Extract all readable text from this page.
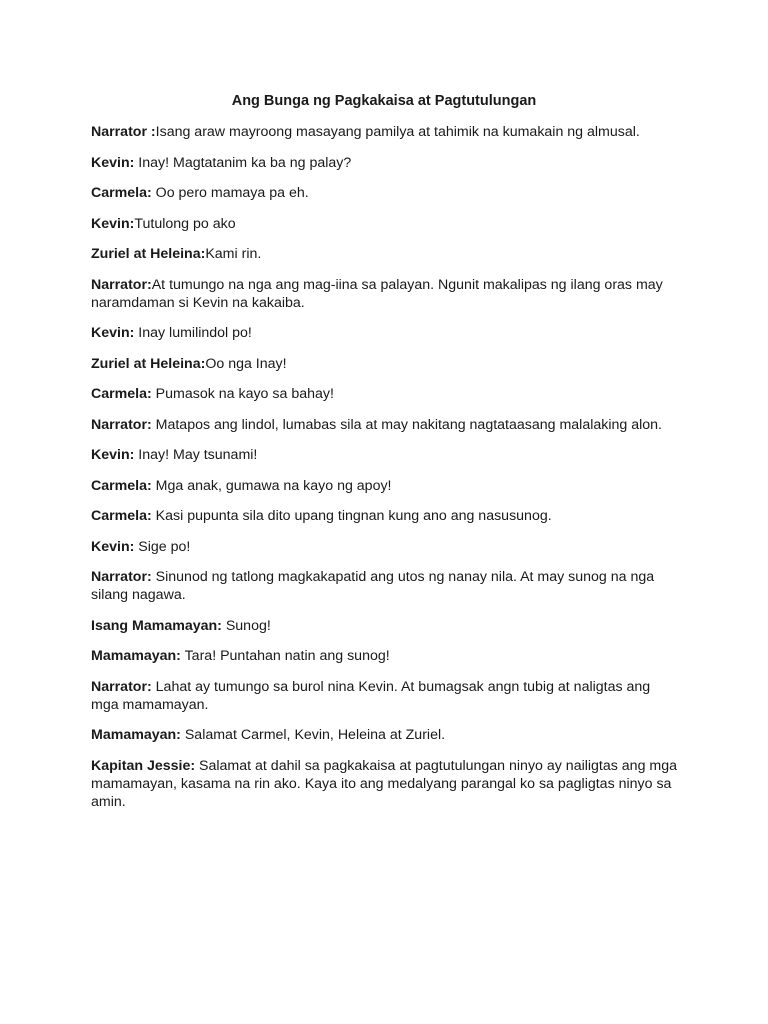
Ang Bunga ng Pagkakaisa at Pagtutulungan

Narrator :Isang araw mayroong masayang pamilya at tahimik na kumakain ng almusal.

Kevin: Inay! Magtatanim ka ba ng palay?

Carmela: Oo pero mamaya pa eh.

Kevin:Tutulong po ako

Zuriel at Heleina:Kami rin.

Narrator:At tumungo na nga ang mag-iina sa palayan. Ngunit makalipas ng ilang oras may naramdaman si Kevin na kakaiba.

Kevin: Inay lumilindol po!

Zuriel at Heleina:Oo nga Inay!

Carmela: Pumasok na kayo sa bahay!

Narrator: Matapos ang lindol, lumabas sila at may nakitang nagtataasang malalaking alon.

Kevin: Inay! May tsunami!

Carmela: Mga anak, gumawa na kayo ng apoy!

Carmela: Kasi pupunta sila dito upang tingnan kung ano ang nasusunog.

Kevin: Sige po!

Narrator: Sinunod ng tatlong magkakapatid ang utos ng nanay nila. At may sunog na nga silang nagawa.

Isang Mamamayan: Sunog!

Mamamayan: Tara! Puntahan natin ang sunog!

Narrator: Lahat ay tumungo sa burol nina Kevin. At bumagsak angn tubig at naligtas ang mga mamamayan.

Mamamayan: Salamat Carmel, Kevin, Heleina at Zuriel.

Kapitan Jessie: Salamat at dahil sa pagkakaisa at pagtutulungan ninyo ay nailigtas ang mga mamamayan, kasama na rin ako. Kaya ito ang medalyang parangal ko sa pagligtas ninyo sa amin.
